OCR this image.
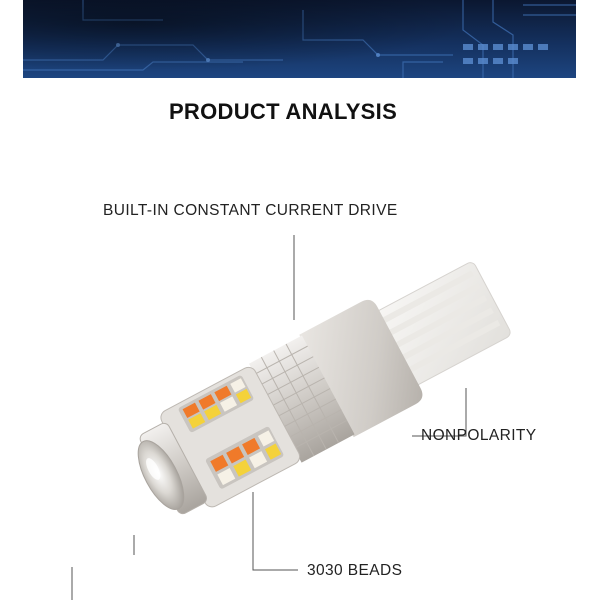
PRODUCT ANALYSIS
BUILT-IN CONSTANT CURRENT DRIVE
NONPOLARITY
3030 BEADS
